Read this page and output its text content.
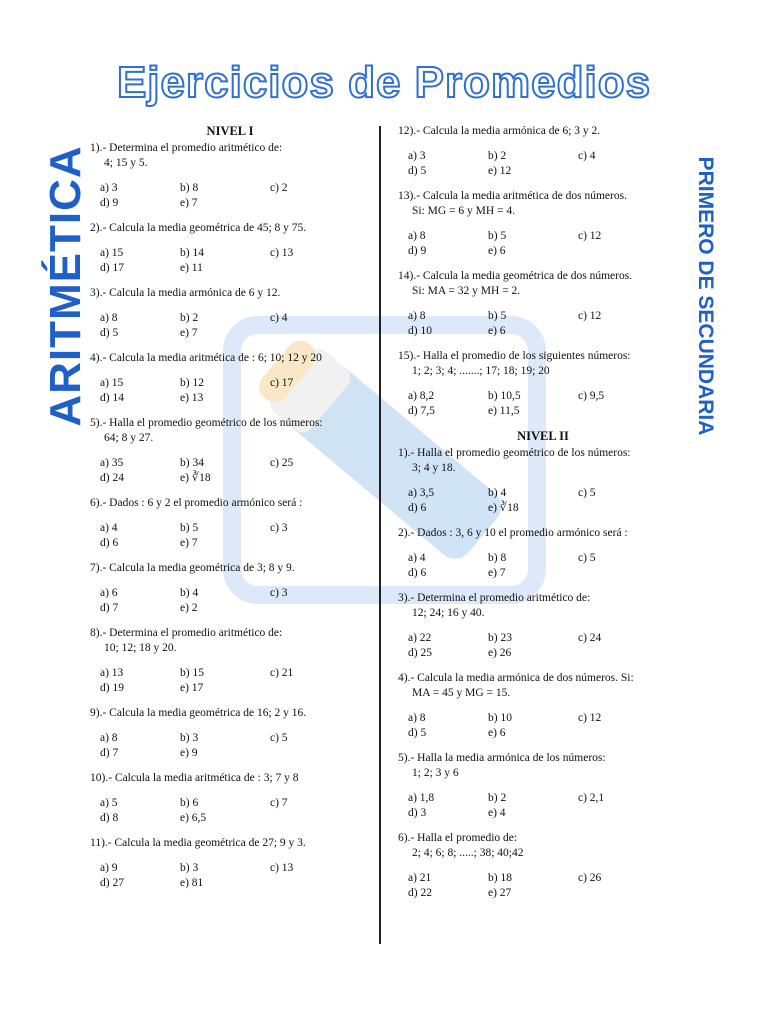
Ejercicios de Promedios
ARITMÉTICA	PRIMERO DE SECUNDARIA
NIVEL I

1).- Determina el promedio aritmético de:

4; 15 y 5.

a) 3	b) 8	c) 2
d) 9	e) 7

2).- Calcula la media geométrica de 45; 8 y 75.

a) 15	b) 14	c) 13
d) 17	e) 11

3).- Calcula la media armónica de 6 y 12.

a) 8	b) 2	c) 4
d) 5	e) 7

4).- Calcula la media aritmética de : 6; 10; 12 y 20

a) 15	b) 12	c) 17
d) 14	e) 13

5).- Halla el promedio geométrico de los números:

64; 8 y 27.

a) 35	b) 34	c) 25
d) 24	e) ∛18

6).- Dados : 6 y 2 el promedio armónico será :

a) 4	b) 5	c) 3
d) 6	e) 7

7).- Calcula la media geométrica de 3; 8 y 9.

a) 6	b) 4	c) 3
d) 7	e) 2

8).- Determina el promedio aritmético de:

10; 12; 18 y 20.

a) 13	b) 15	c) 21
d) 19	e) 17

9).- Calcula la media geométrica de 16; 2 y 16.

a) 8	b) 3	c) 5
d) 7	e) 9

10).- Calcula la media aritmética de : 3; 7 y 8

a) 5	b) 6	c) 7
d) 8	e) 6,5

11).- Calcula la media geométrica de 27; 9 y 3.

a) 9	b) 3	c) 13
d) 27	e) 81

12).- Calcula la media armónica de 6; 3 y 2.

a) 3	b) 2	c) 4
d) 5	e) 12

13).- Calcula la media aritmética de dos números.

Si: MG = 6 y MH = 4.

a) 8	b) 5	c) 12
d) 9	e) 6

14).- Calcula la media geométrica de dos números.

Si: MA = 32 y MH = 2.

a) 8	b) 5	c) 12
d) 10	e) 6

15).- Halla el promedio de los siguientes números:

1; 2; 3; 4; .......; 17; 18; 19; 20

a) 8,2	b) 10,5	c) 9,5
d) 7,5	e) 11,5
NIVEL II

1).- Halla el promedio geométrico de los números:

3; 4 y 18.

a) 3,5	b) 4	c) 5
d) 6	e) ∛18

2).- Dados : 3, 6 y 10 el promedio armónico será :

a) 4	b) 8	c) 5
d) 6	e) 7

3).- Determina el promedio aritmético de:

12; 24; 16 y 40.

a) 22	b) 23	c) 24
d) 25	e) 26

4).- Calcula la media armónica de dos números. Si:

MA = 45 y MG = 15.

a) 8	b) 10	c) 12
d) 5	e) 6

5).- Halla la media armónica de los números:

1; 2; 3 y 6

a) 1,8	b) 2	c) 2,1
d) 3	e) 4

6).- Halla el promedio de:

2; 4; 6; 8; .....; 38; 40;42

a) 21	b) 18	c) 26
d) 22	e) 27
